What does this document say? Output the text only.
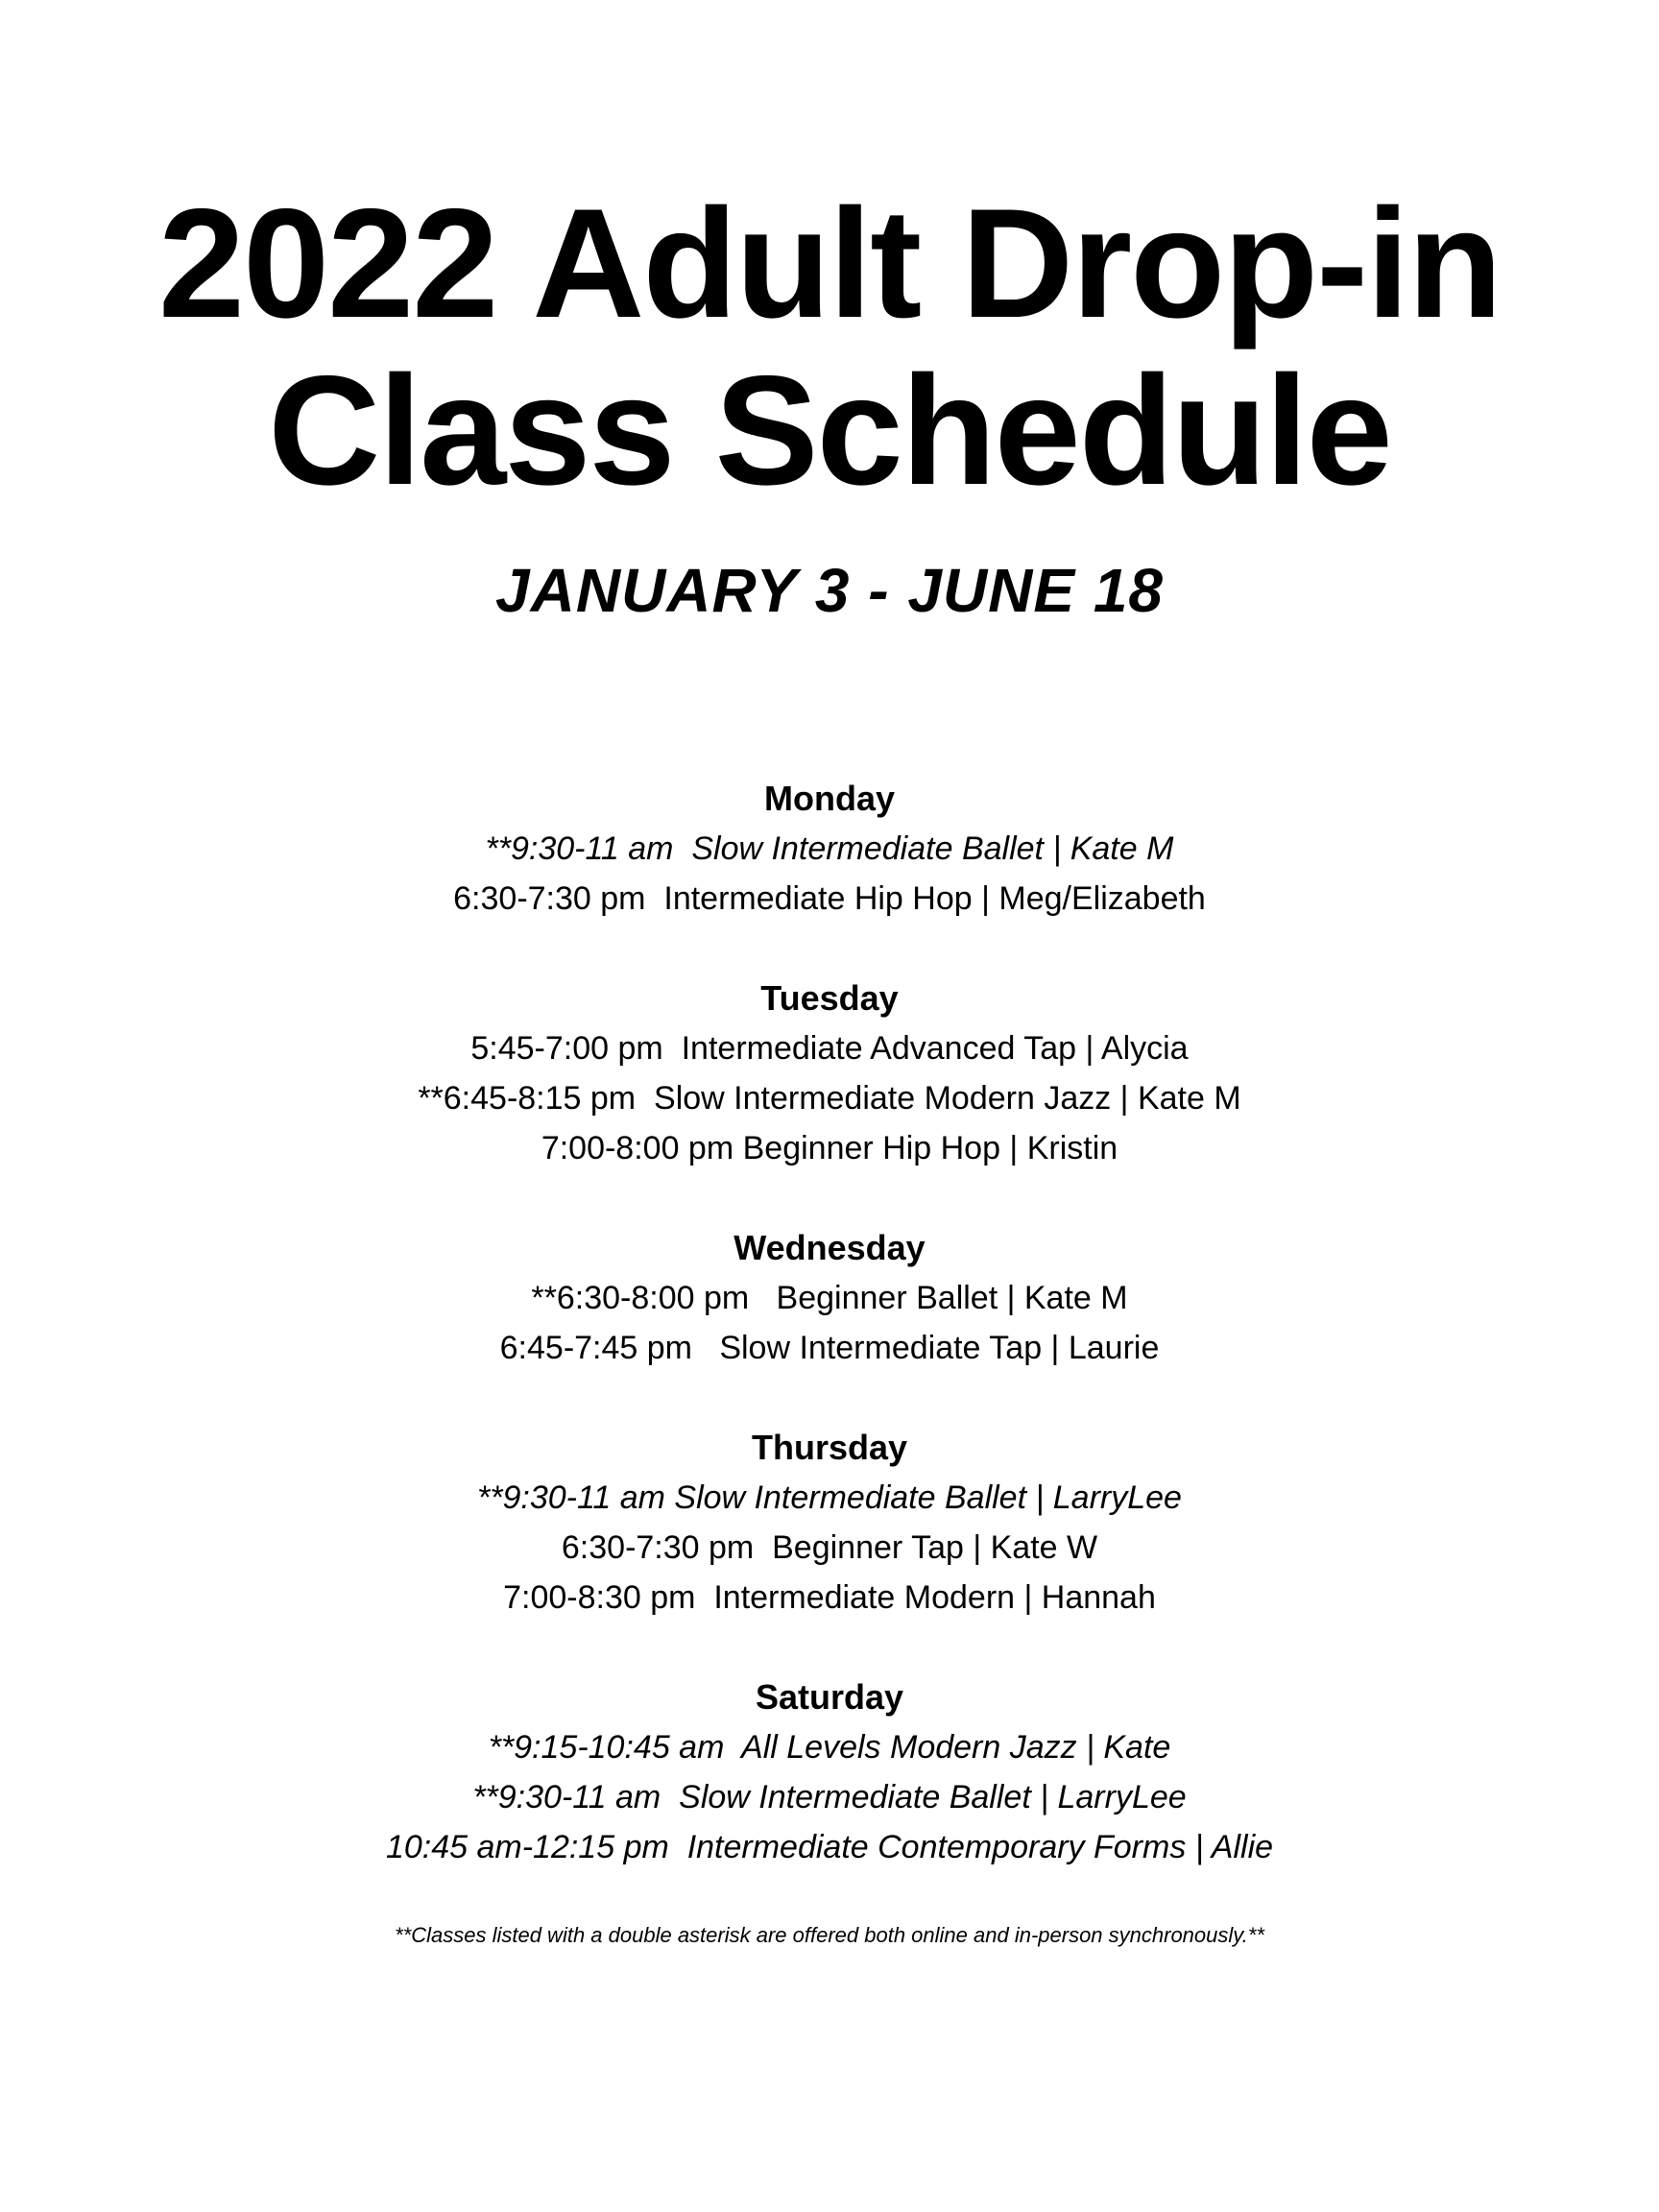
2022 Adult Drop-in
Class Schedule
JANUARY 3 - JUNE 18
Monday
**9:30-11 am  Slow Intermediate Ballet | Kate M
6:30-7:30 pm  Intermediate Hip Hop | Meg/Elizabeth
Tuesday
5:45-7:00 pm  Intermediate Advanced Tap | Alycia
**6:45-8:15 pm  Slow Intermediate Modern Jazz | Kate M
7:00-8:00 pm Beginner Hip Hop | Kristin
Wednesday
**6:30-8:00 pm   Beginner Ballet | Kate M
6:45-7:45 pm   Slow Intermediate Tap | Laurie
Thursday
**9:30-11 am Slow Intermediate Ballet | LarryLee
6:30-7:30 pm  Beginner Tap | Kate W
7:00-8:30 pm  Intermediate Modern | Hannah
Saturday
**9:15-10:45 am  All Levels Modern Jazz | Kate
**9:30-11 am  Slow Intermediate Ballet | LarryLee
10:45 am-12:15 pm  Intermediate Contemporary Forms | Allie
**Classes listed with a double asterisk are offered both online and in-person synchronously.**
